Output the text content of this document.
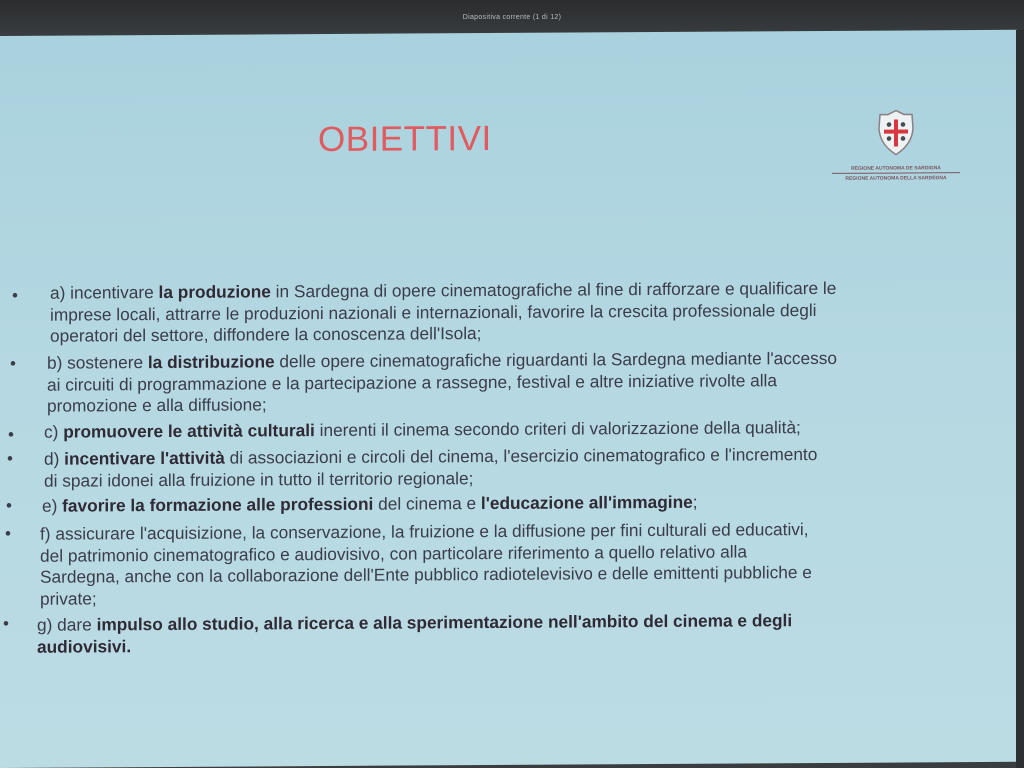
Diapositiva corrente (1 di 12)
OBIETTIVI
REGIONE AUTONOMA DE SARDIGNA
REGIONE AUTONOMA DELLA SARDEGNA
• a) incentivare la produzione in Sardegna di opere cinematografiche al fine di rafforzare e qualificare le
imprese locali, attrarre le produzioni nazionali e internazionali, favorire la crescita professionale degli
operatori del settore, diffondere la conoscenza dell'Isola;
• b) sostenere la distribuzione delle opere cinematografiche riguardanti la Sardegna mediante l'accesso
ai circuiti di programmazione e la partecipazione a rassegne, festival e altre iniziative rivolte alla
promozione e alla diffusione;
• c) promuovere le attività culturali inerenti il cinema secondo criteri di valorizzazione della qualità;
• d) incentivare l'attività di associazioni e circoli del cinema, l'esercizio cinematografico e l'incremento
di spazi idonei alla fruizione in tutto il territorio regionale;
• e) favorire la formazione alle professioni del cinema e l'educazione all'immagine;
• f) assicurare l'acquisizione, la conservazione, la fruizione e la diffusione per fini culturali ed educativi,
del patrimonio cinematografico e audiovisivo, con particolare riferimento a quello relativo alla
Sardegna, anche con la collaborazione dell'Ente pubblico radiotelevisivo e delle emittenti pubbliche e
private;
• g) dare impulso allo studio, alla ricerca e alla sperimentazione nell'ambito del cinema e degli
audiovisivi.
